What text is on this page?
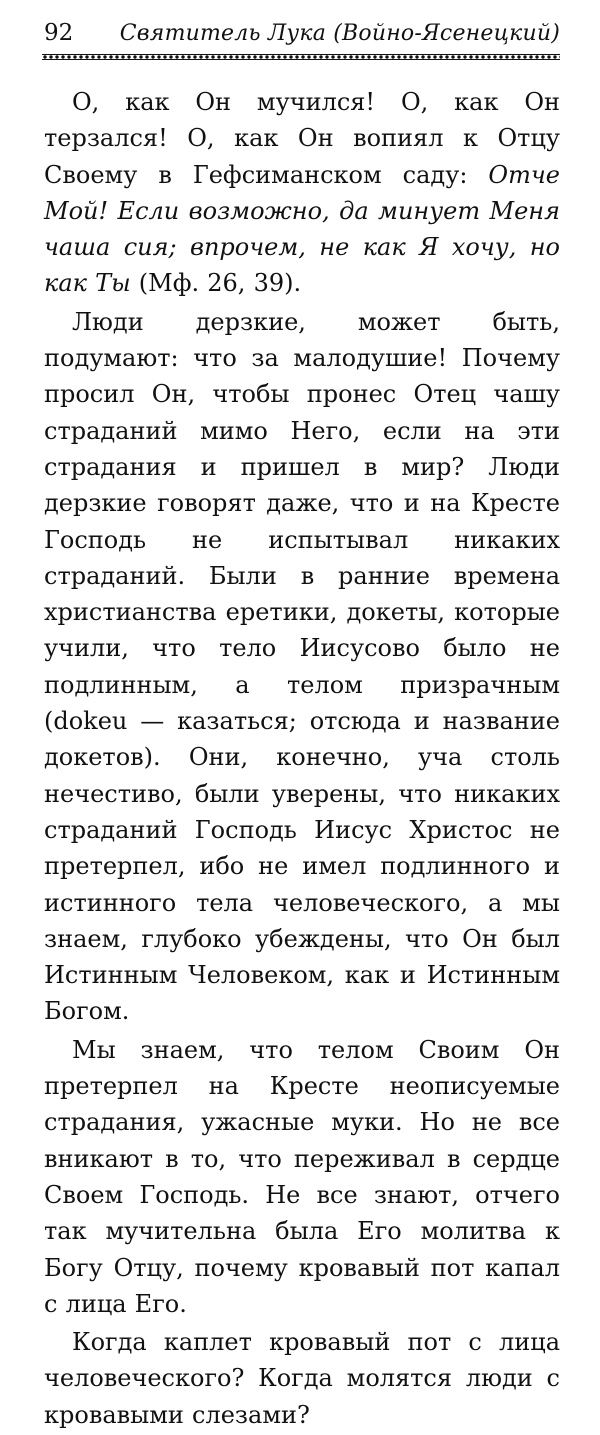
92 Святитель Лука (Войно-Ясенецкий)

О, как Он мучился! О, как Он терзался! О, как Он вопиял к Отцу Своему в Гефсиманском саду: Отче Мой! Если возможно, да минует Меня чаша сия; впрочем, не как Я хочу, но как Ты (Мф. 26, 39).

Люди дерзкие, может быть, подумают: что за малодушие! Почему просил Он, чтобы пронес Отец чашу страданий мимо Него, если на эти страдания и пришел в мир? Люди дерзкие говорят даже, что и на Кресте Господь не испытывал никаких страданий. Были в ранние времена христианства еретики, докеты, которые учили, что тело Иисусово было не подлинным, а телом призрачным (dokeu — казаться; отсюда и название докетов). Они, конечно, уча столь нечестиво, были уверены, что никаких страданий Господь Иисус Христос не претерпел, ибо не имел подлинного и истинного тела человеческого, а мы знаем, глубоко убеждены, что Он был Истинным Человеком, как и Истинным Богом.

Мы знаем, что телом Своим Он претерпел на Кресте неописуемые страдания, ужасные муки. Но не все вникают в то, что переживал в сердце Своем Господь. Не все знают, отчего так мучительна была Его молитва к Богу Отцу, почему кровавый пот капал с лица Его.

Когда каплет кровавый пот с лица человеческого? Когда молятся люди с кровавыми слезами?
